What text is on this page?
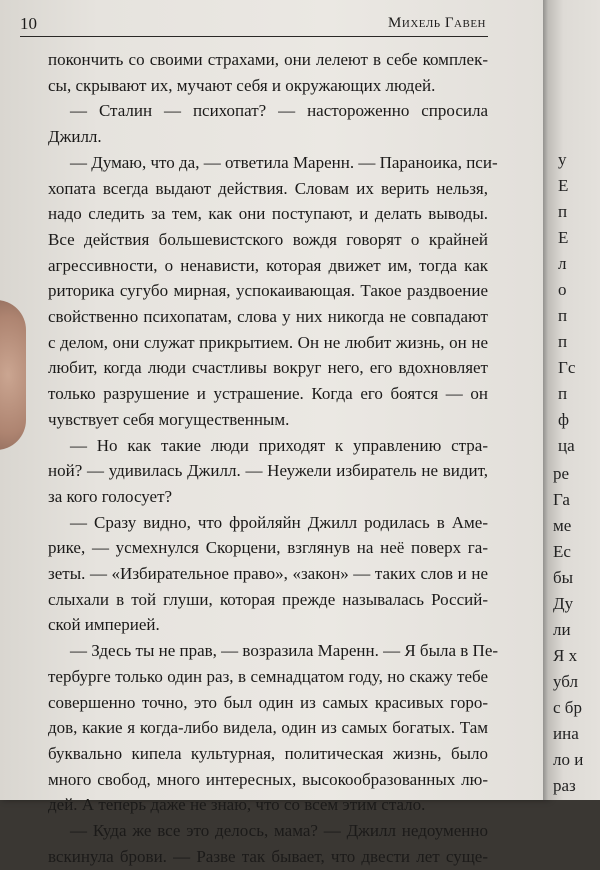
10	Михель Гавен
покончить со своими страхами, они лелеют в себе комплек-
сы, скрывают их, мучают себя и окружающих людей.
— Сталин — психопат? — настороженно спросила
Джилл.
— Думаю, что да, — ответила Маренн. — Параноика, пси-
хопата всегда выдают действия. Словам их верить нельзя,
надо следить за тем, как они поступают, и делать выводы.
Все действия большевистского вождя говорят о крайней
агрессивности, о ненависти, которая движет им, тогда как
риторика сугубо мирная, успокаивающая. Такое раздвоение
свойственно психопатам, слова у них никогда не совпадают
с делом, они служат прикрытием. Он не любит жизнь, он не
любит, когда люди счастливы вокруг него, его вдохновляет
только разрушение и устрашение. Когда его боятся — он
чувствует себя могущественным.
— Но как такие люди приходят к управлению стра-
ной? — удивилась Джилл. — Неужели избиратель не видит,
за кого голосует?
— Сразу видно, что фройляйн Джилл родилась в Аме-
рике, — усмехнулся Скорцени, взглянув на неё поверх га-
зеты. — «Избирательное право», «закон» — таких слов и не
слыхали в той глуши, которая прежде называлась Россий-
ской империей.
— Здесь ты не прав, — возразила Маренн. — Я была в Пе-
тербурге только один раз, в семнадцатом году, но скажу тебе
совершенно точно, это был один из самых красивых горо-
дов, какие я когда-либо видела, один из самых богатых. Там
буквально кипела культурная, политическая жизнь, было
много свобод, много интересных, высокообразованных лю-
дей. А теперь даже не знаю, что со всем этим стало.
— Куда же все это делось, мама? — Джилл недоуменно
вскинула брови. — Разве так бывает, что двести лет суще-
у
Е
п
Е
л
о
п
п
Гс
п
ф
ца
ре
Га
ме
Ес
бы
Ду
ли
Я х
убл
с бр
ина
ло и
раз
